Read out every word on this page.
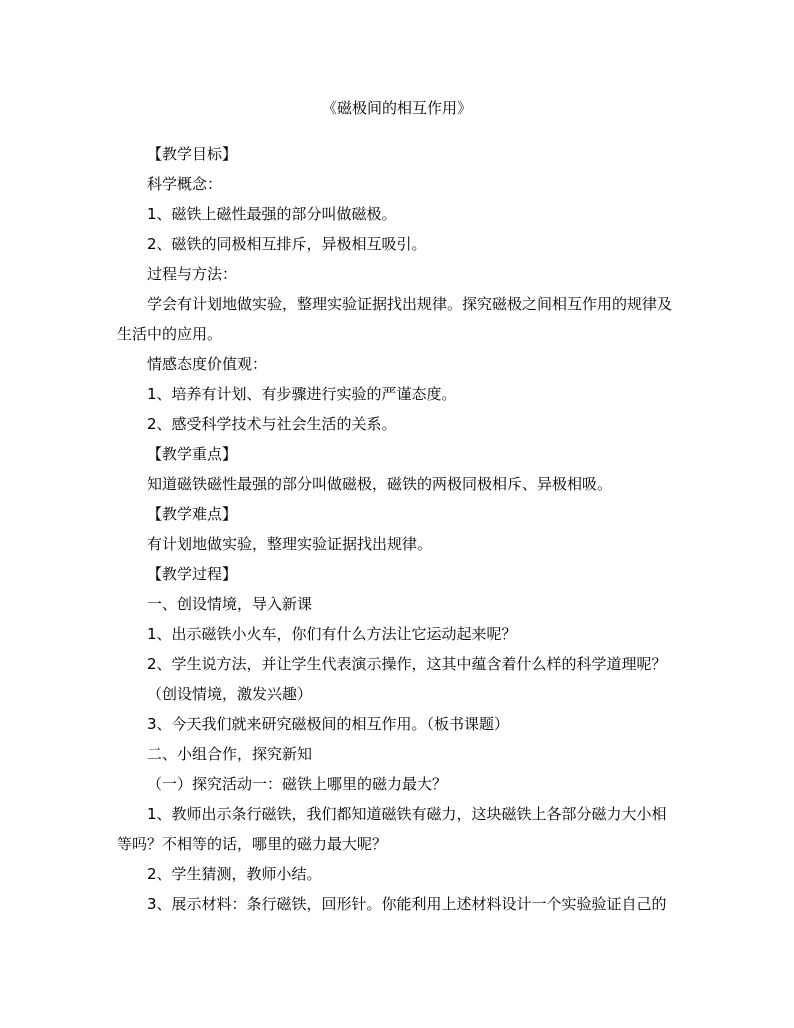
《磁极间的相互作用》

【教学目标】

科学概念：

1、磁铁上磁性最强的部分叫做磁极。

2、磁铁的同极相互排斥，异极相互吸引。

过程与方法：

学会有计划地做实验，整理实验证据找出规律。探究磁极之间相互作用的规律及生活中的应用。

情感态度价值观：

1、培养有计划、有步骤进行实验的严谨态度。

2、感受科学技术与社会生活的关系。

【教学重点】

知道磁铁磁性最强的部分叫做磁极，磁铁的两极同极相斥、异极相吸。

【教学难点】

有计划地做实验，整理实验证据找出规律。

【教学过程】

一、创设情境，导入新课

1、出示磁铁小火车，你们有什么方法让它运动起来呢？

2、学生说方法，并让学生代表演示操作，这其中蕴含着什么样的科学道理呢？

（创设情境，激发兴趣）

3、今天我们就来研究磁极间的相互作用。（板书课题）

二、小组合作，探究新知

（一）探究活动一：磁铁上哪里的磁力最大？

1、教师出示条行磁铁，我们都知道磁铁有磁力，这块磁铁上各部分磁力大小相等吗？不相等的话，哪里的磁力最大呢？

2、学生猜测，教师小结。

3、展示材料：条行磁铁，回形针。你能利用上述材料设计一个实验验证自己的
